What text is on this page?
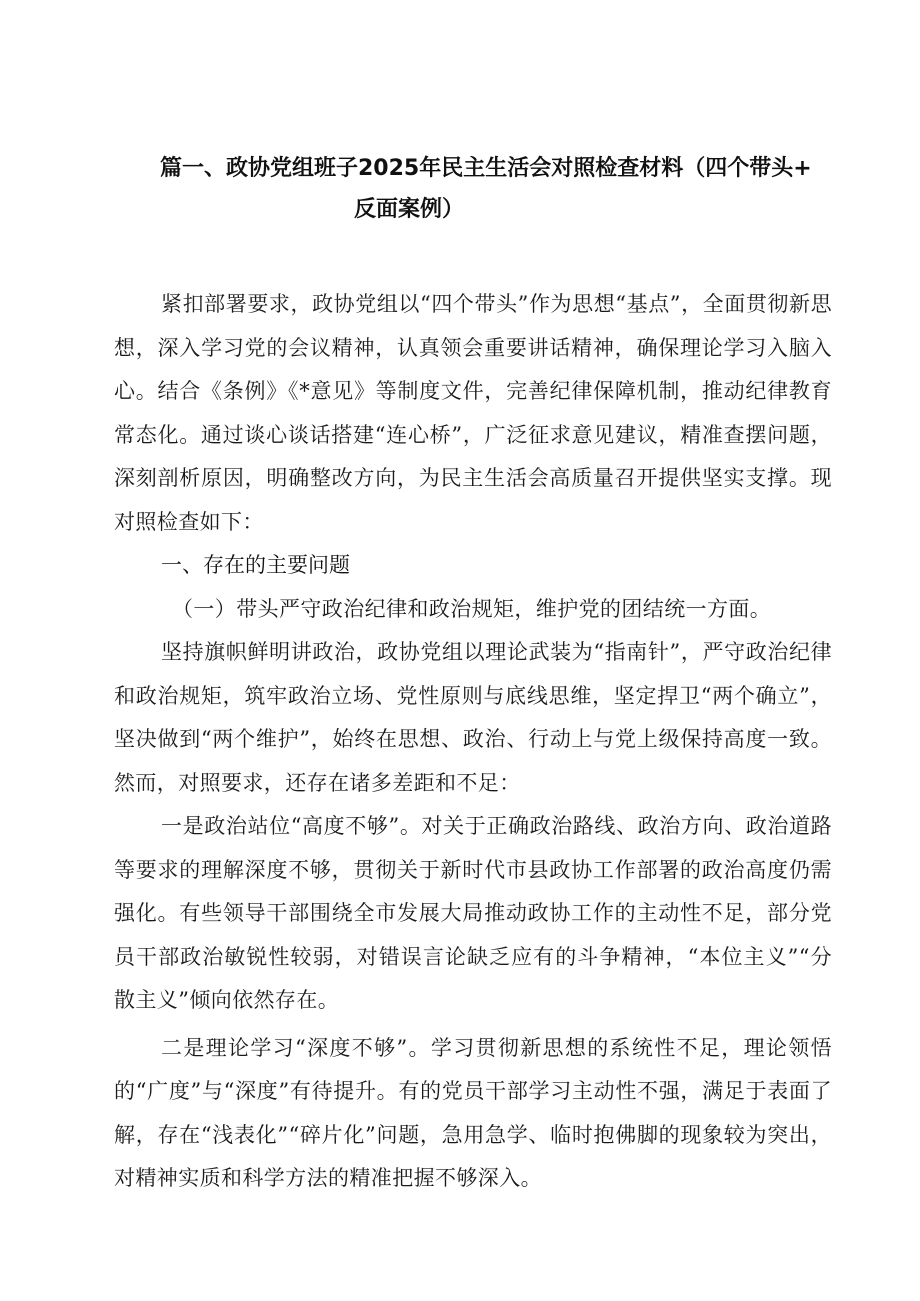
篇一、政协党组班子2025年民主生活会对照检查材料（四个带头+
反面案例）

紧扣部署要求，政协党组以“四个带头”作为思想“基点”，全面贯彻新思想，深入学习党的会议精神，认真领会重要讲话精神，确保理论学习入脑入心。结合《条例》《*意见》等制度文件，完善纪律保障机制，推动纪律教育常态化。通过谈心谈话搭建“连心桥”，广泛征求意见建议，精准查摆问题，深刻剖析原因，明确整改方向，为民主生活会高质量召开提供坚实支撑。现对照检查如下：

一、存在的主要问题

（一）带头严守政治纪律和政治规矩，维护党的团结统一方面。

坚持旗帜鲜明讲政治，政协党组以理论武装为“指南针”，严守政治纪律和政治规矩，筑牢政治立场、党性原则与底线思维，坚定捍卫“两个确立”，坚决做到“两个维护”，始终在思想、政治、行动上与党上级保持高度一致。然而，对照要求，还存在诸多差距和不足：

一是政治站位“高度不够”。对关于正确政治路线、政治方向、政治道路等要求的理解深度不够，贯彻关于新时代市县政协工作部署的政治高度仍需强化。有些领导干部围绕全市发展大局推动政协工作的主动性不足，部分党员干部政治敏锐性较弱，对错误言论缺乏应有的斗争精神，“本位主义”“分散主义”倾向依然存在。

二是理论学习“深度不够”。学习贯彻新思想的系统性不足，理论领悟的“广度”与“深度”有待提升。有的党员干部学习主动性不强，满足于表面了解，存在“浅表化”“碎片化”问题，急用急学、临时抱佛脚的现象较为突出，对精神实质和科学方法的精准把握不够深入。
